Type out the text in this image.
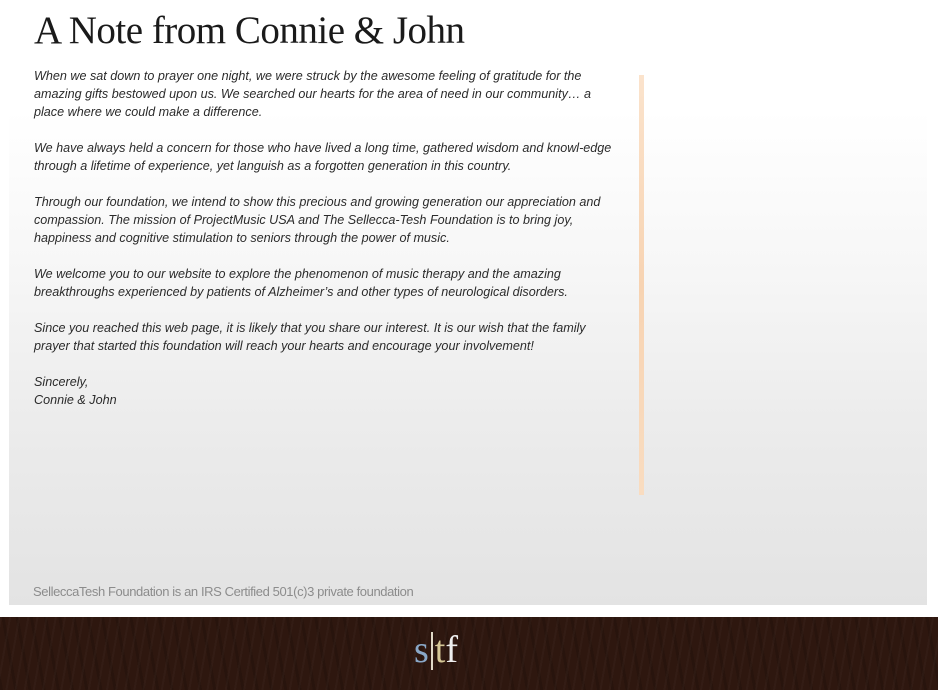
A Note from Connie & John

When we sat down to prayer one night, we were struck by the awesome feeling of gratitude for the amazing gifts bestowed upon us. We searched our hearts for the area of need in our community… a place where we could make a difference.

We have always held a concern for those who have lived a long time, gathered wisdom and knowl-edge through a lifetime of experience, yet languish as a forgotten generation in this country.

Through our foundation, we intend to show this precious and growing generation our appreciation and compassion. The mission of ProjectMusic USA and The Sellecca-Tesh Foundation is to bring joy, happiness and cognitive stimulation to seniors through the power of music.

We welcome you to our website to explore the phenomenon of music therapy and the amazing breakthroughs experienced by patients of Alzheimer’s and other types of neurological disorders.

Since you reached this web page, it is likely that you share our interest. It is our wish that the family prayer that started this foundation will reach your hearts and encourage your involvement!

Sincerely,

Connie & John

SelleccaTesh Foundation is an IRS Certified 501(c)3 private foundation
s tf
